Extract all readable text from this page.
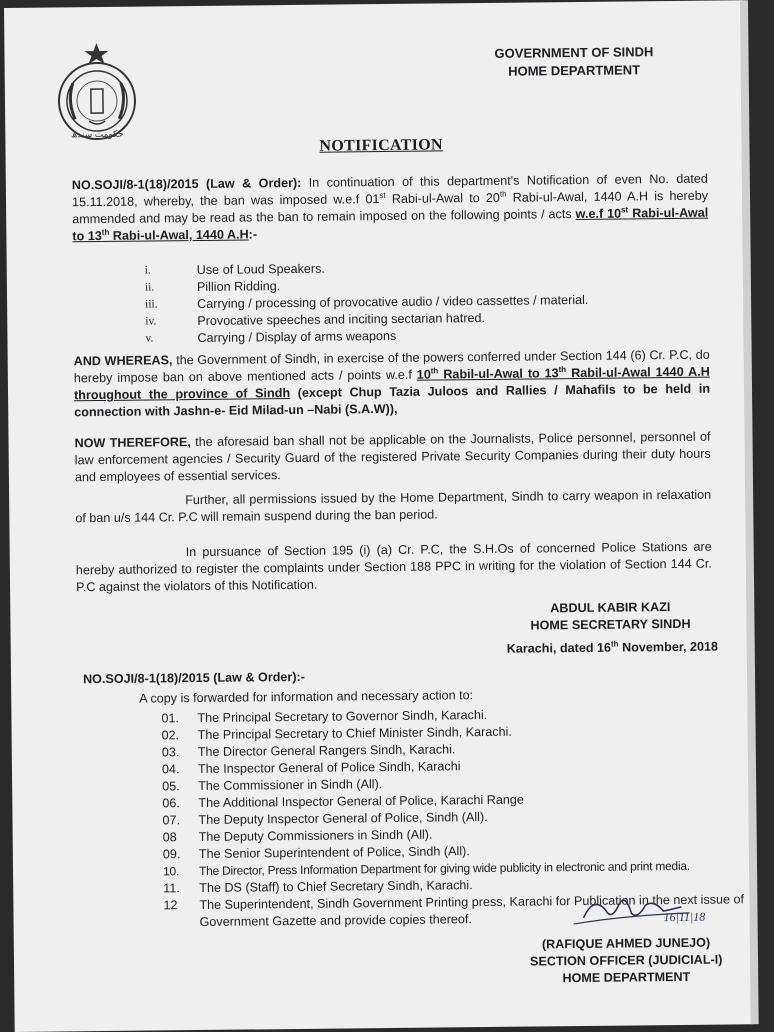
حکومت سندھ
GOVERNMENT OF SINDH
HOME DEPARTMENT
NOTIFICATION
NO.SOJI/8-1(18)/2015 (Law & Order): In continuation of this department's Notification of even No. dated 15.11.2018, whereby, the ban was imposed w.e.f 01st Rabi-ul-Awal to 20th Rabi-ul-Awal, 1440 A.H is hereby ammended and may be read as the ban to remain imposed on the following points / acts w.e.f 10st Rabi-ul-Awal to 13th Rabi-ul-Awal, 1440 A.H:-
i.	Use of Loud Speakers.
ii.	Pillion Ridding.
iii.	Carrying / processing of provocative audio / video cassettes / material.
iv.	Provocative speeches and inciting sectarian hatred.
v.	Carrying / Display of arms weapons
AND WHEREAS, the Government of Sindh, in exercise of the powers conferred under Section 144 (6) Cr. P.C, do hereby impose ban on above mentioned acts / points w.e.f 10th Rabil-ul-Awal to 13th Rabil-ul-Awal 1440 A.H throughout the province of Sindh (except Chup Tazia Juloos and Rallies / Mahafils to be held in connection with Jashn-e- Eid Milad-un –Nabi (S.A.W)),
NOW THEREFORE, the aforesaid ban shall not be applicable on the Journalists, Police personnel, personnel of law enforcement agencies / Security Guard of the registered Private Security Companies during their duty hours and employees of essential services.
Further, all permissions issued by the Home Department, Sindh to carry weapon in relaxation of ban u/s 144 Cr. P.C will remain suspend during the ban period.
In pursuance of Section 195 (i) (a) Cr. P.C, the S.H.Os of concerned Police Stations are hereby authorized to register the complaints under Section 188 PPC in writing for the violation of Section 144 Cr. P.C against the violators of this Notification.
ABDUL KABIR KAZI
HOME SECRETARY SINDH
Karachi, dated 16th November, 2018
NO.SOJI/8-1(18)/2015 (Law & Order):-
A copy is forwarded for information and necessary action to:
01.	The Principal Secretary to Governor Sindh, Karachi.
02.	The Principal Secretary to Chief Minister Sindh, Karachi.
03.	The Director General Rangers Sindh, Karachi.
04.	The Inspector General of Police Sindh, Karachi
05.	The Commissioner in Sindh (All).
06.	The Additional Inspector General of Police, Karachi Range
07.	The Deputy Inspector General of Police, Sindh (All).
08	The Deputy Commissioners in Sindh (All).
09.	The Senior Superintendent of Police, Sindh (All).
10.	The Director, Press Information Department for giving wide publicity in electronic and print media.
11.	The DS (Staff) to Chief Secretary Sindh, Karachi.
12	The Superintendent, Sindh Government Printing press, Karachi for Publication in the next issue of Government Gazette and provide copies thereof.	16|11|18
(RAFIQUE AHMED JUNEJO)
SECTION OFFICER (JUDICIAL-I)
HOME DEPARTMENT
